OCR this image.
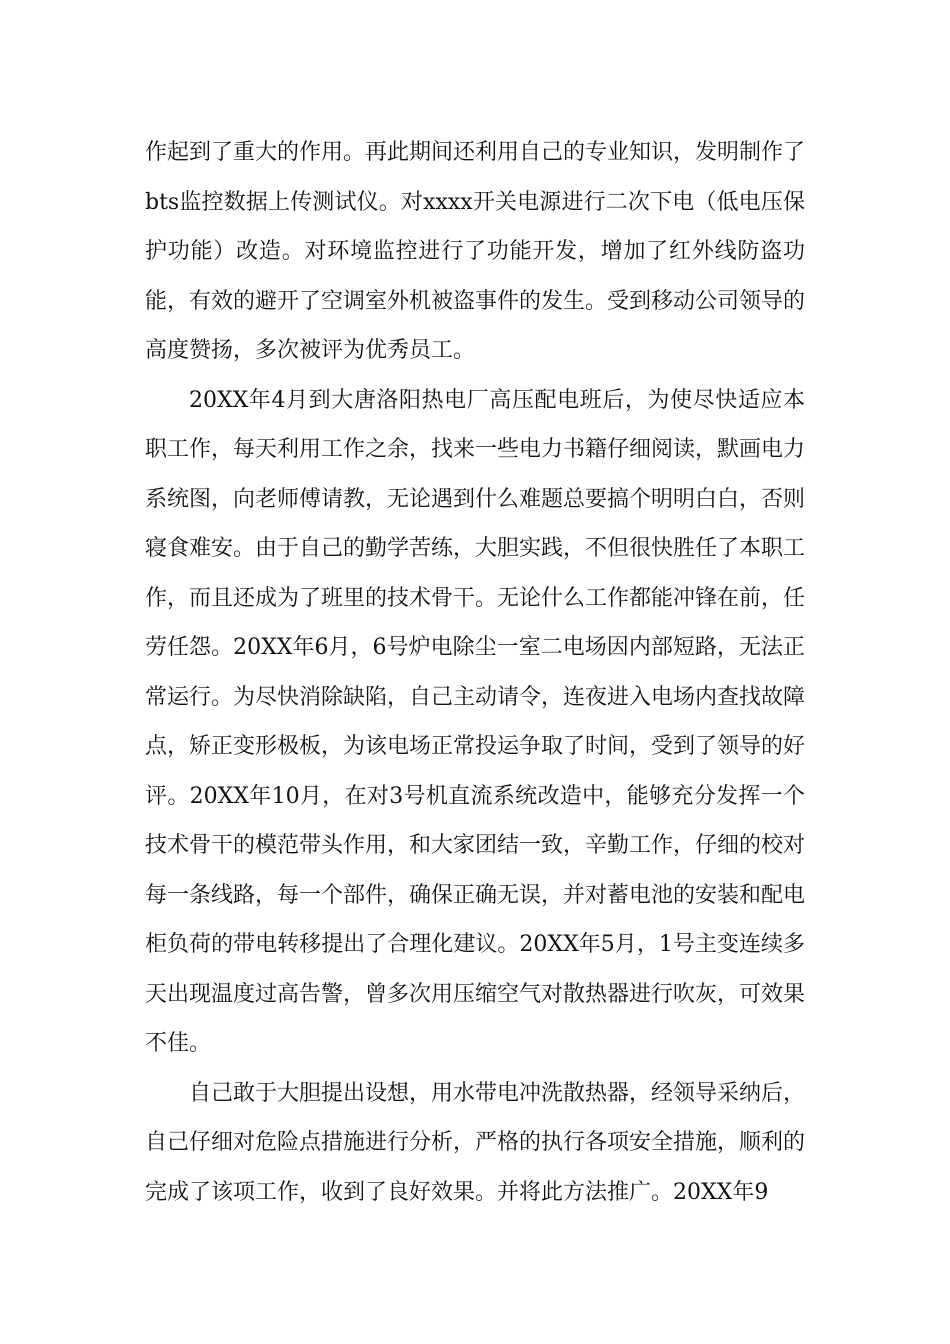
作起到了重大的作用。再此期间还利用自己的专业知识，发明制作了bts监控数据上传测试仪。对xxxx开关电源进行二次下电（低电压保护功能）改造。对环境监控进行了功能开发，增加了红外线防盗功能，有效的避开了空调室外机被盗事件的发生。受到移动公司领导的高度赞扬，多次被评为优秀员工。

20XX年4月到大唐洛阳热电厂高压配电班后，为使尽快适应本职工作，每天利用工作之余，找来一些电力书籍仔细阅读，默画电力系统图，向老师傅请教，无论遇到什么难题总要搞个明明白白，否则寝食难安。由于自己的勤学苦练，大胆实践，不但很快胜任了本职工作，而且还成为了班里的技术骨干。无论什么工作都能冲锋在前，任劳任怨。20XX年6月，6号炉电除尘一室二电场因内部短路，无法正常运行。为尽快消除缺陷，自己主动请令，连夜进入电场内查找故障点，矫正变形极板，为该电场正常投运争取了时间，受到了领导的好评。20XX年10月，在对3号机直流系统改造中，能够充分发挥一个技术骨干的模范带头作用，和大家团结一致，辛勤工作，仔细的校对每一条线路，每一个部件，确保正确无误，并对蓄电池的安装和配电柜负荷的带电转移提出了合理化建议。20XX年5月，1号主变连续多天出现温度过高告警，曾多次用压缩空气对散热器进行吹灰，可效果不佳。

自己敢于大胆提出设想，用水带电冲洗散热器，经领导采纳后，自己仔细对危险点措施进行分析，严格的执行各项安全措施，顺利的完成了该项工作，收到了良好效果。并将此方法推广。20XX年9
